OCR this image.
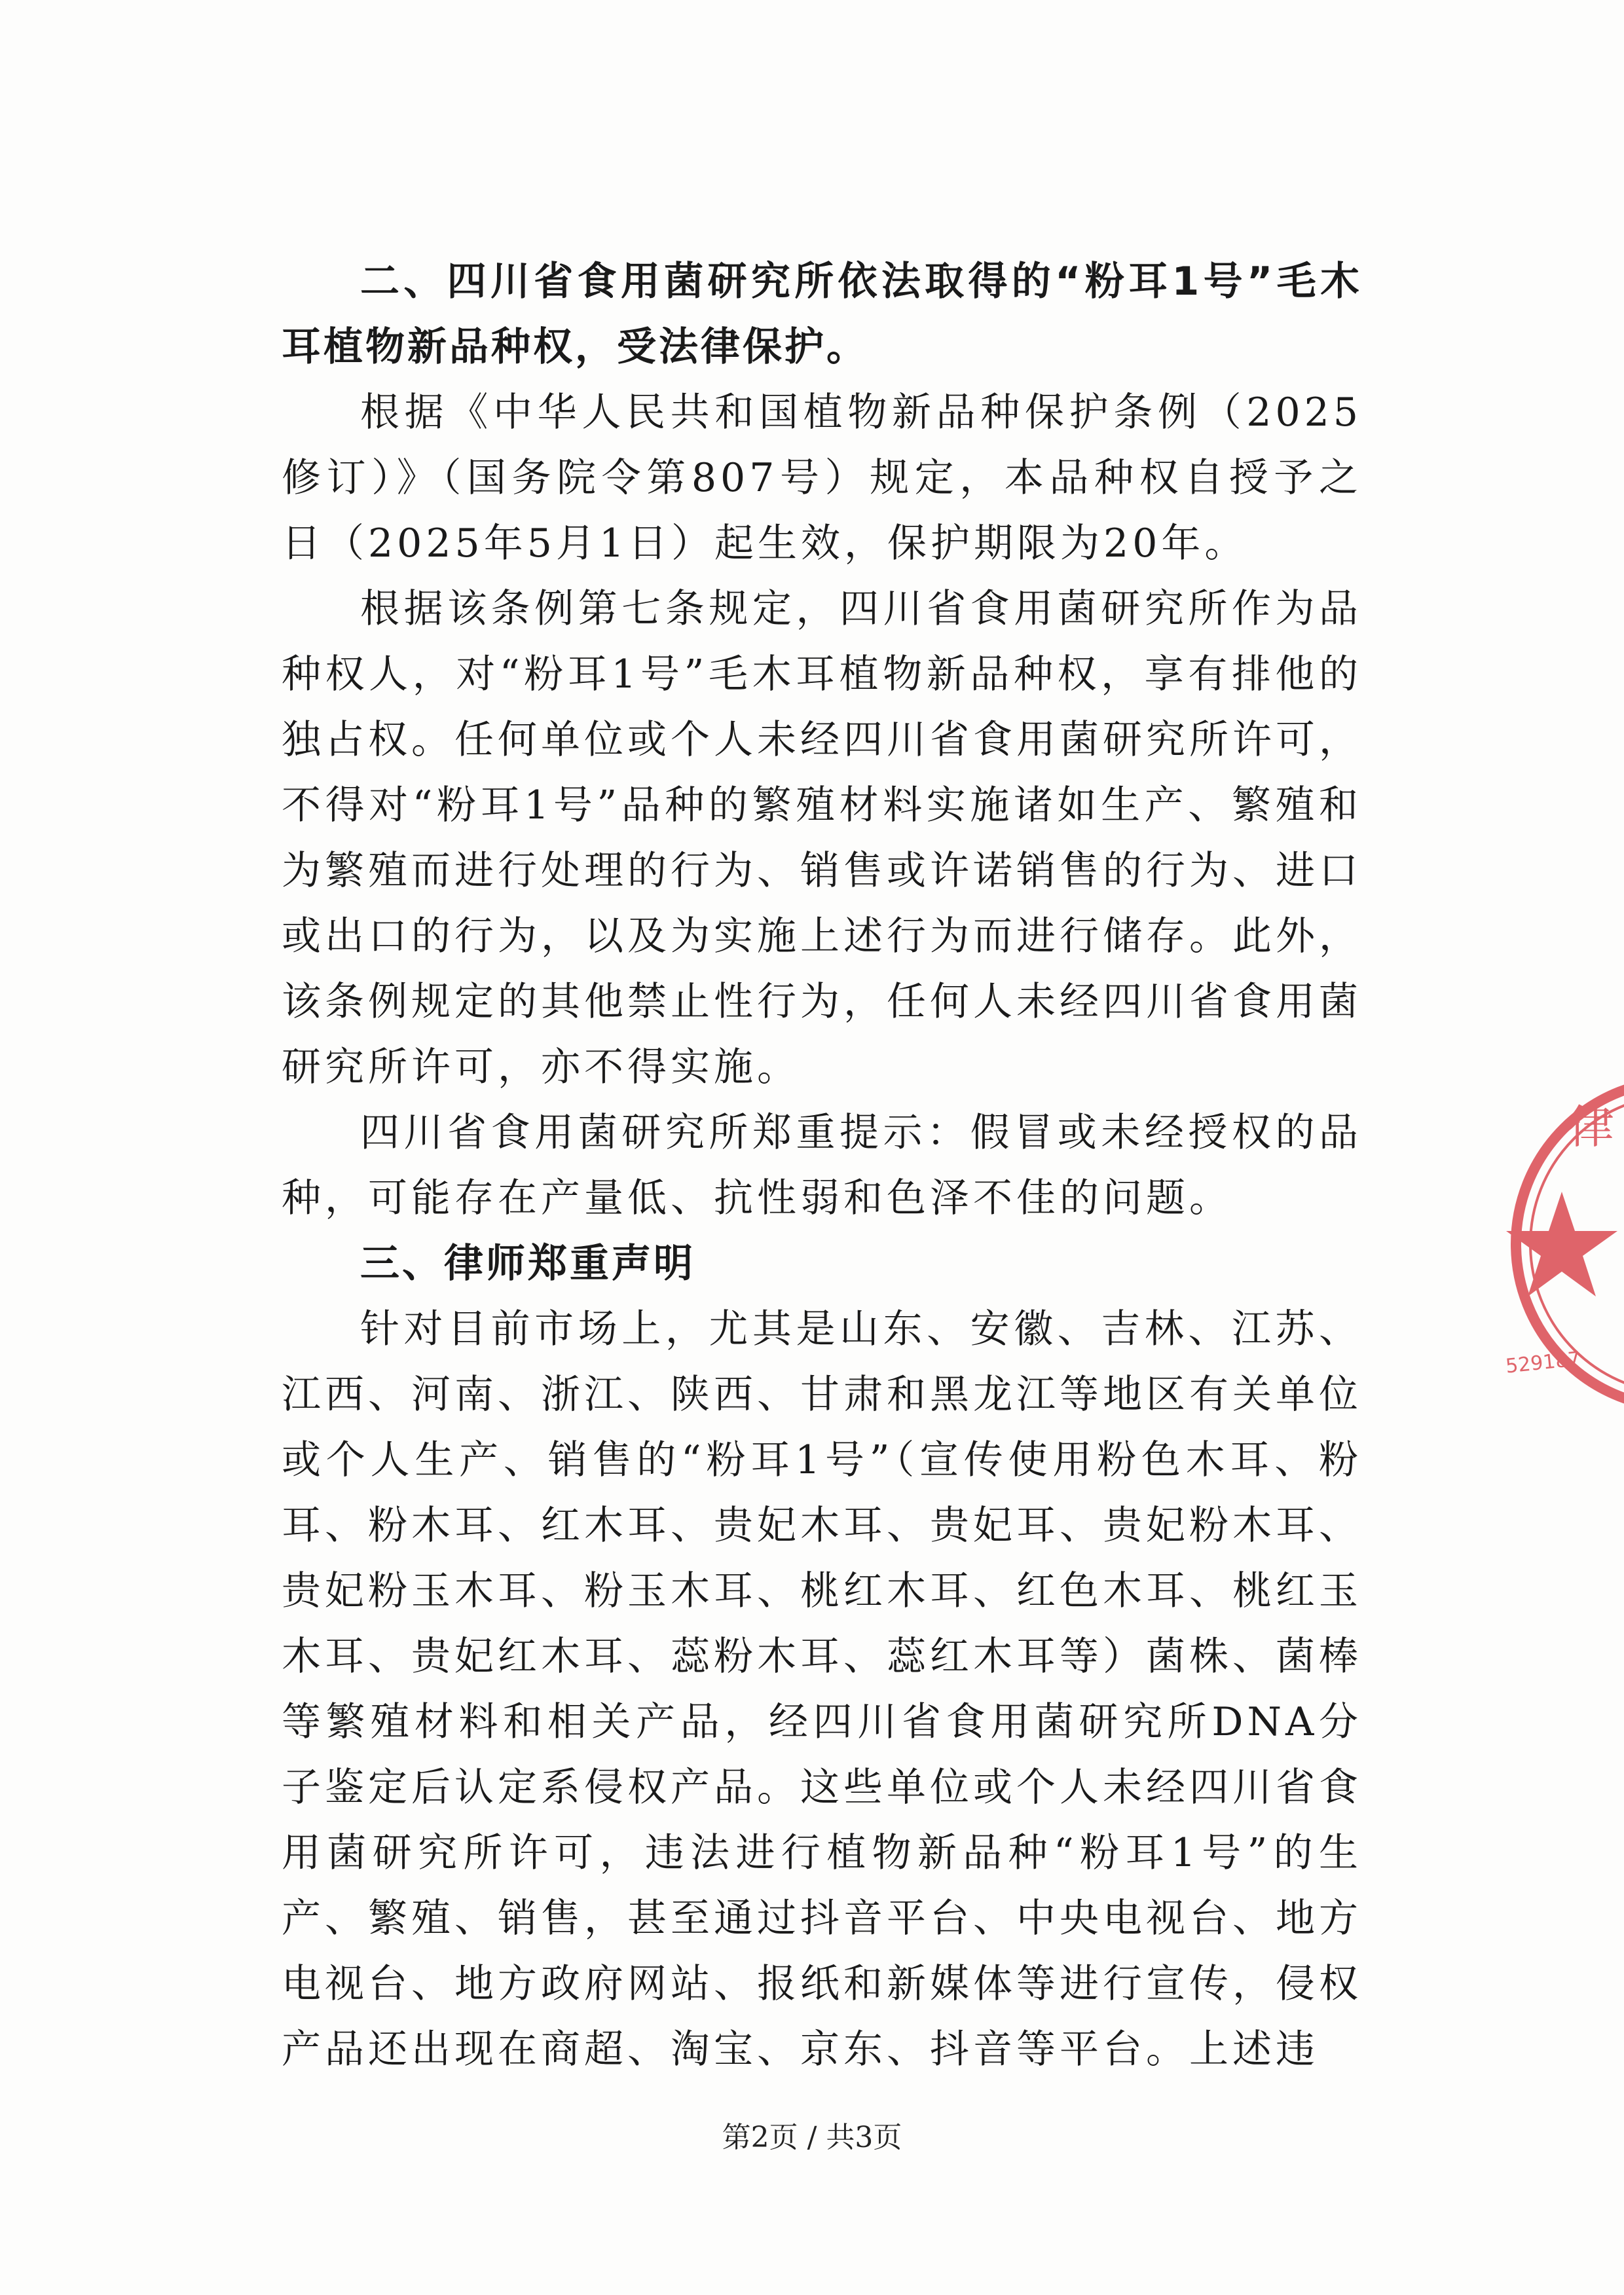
二、四川省食用菌研究所依法取得的“粉耳1号”毛木耳植物新品种权，受法律保护。

根据《中华人民共和国植物新品种保护条例（2025修订）》（国务院令第807号）规定，本品种权自授予之日（2025年5月1日）起生效，保护期限为20年。

根据该条例第七条规定，四川省食用菌研究所作为品种权人，对“粉耳1号”毛木耳植物新品种权，享有排他的独占权。任何单位或个人未经四川省食用菌研究所许可，不得对“粉耳1号”品种的繁殖材料实施诸如生产、繁殖和为繁殖而进行处理的行为、销售或许诺销售的行为、进口或出口的行为，以及为实施上述行为而进行储存。此外，该条例规定的其他禁止性行为，任何人未经四川省食用菌研究所许可，亦不得实施。

四川省食用菌研究所郑重提示：假冒或未经授权的品种，可能存在产量低、抗性弱和色泽不佳的问题。

三、律师郑重声明

针对目前市场上，尤其是山东、安徽、吉林、江苏、江西、河南、浙江、陕西、甘肃和黑龙江等地区有关单位或个人生产、销售的“粉耳1号”（宣传使用粉色木耳、粉耳、粉木耳、红木耳、贵妃木耳、贵妃耳、贵妃粉木耳、贵妃粉玉木耳、粉玉木耳、桃红木耳、红色木耳、桃红玉木耳、贵妃红木耳、蕊粉木耳、蕊红木耳等）菌株、菌棒等繁殖材料和相关产品，经四川省食用菌研究所DNA分子鉴定后认定系侵权产品。这些单位或个人未经四川省食用菌研究所许可，违法进行植物新品种“粉耳1号”的生产、繁殖、销售，甚至通过抖音平台、中央电视台、地方电视台、地方政府网站、报纸和新媒体等进行宣传，侵权产品还出现在商超、淘宝、京东、抖音等平台。上述违

律
529187
第2页 / 共3页
